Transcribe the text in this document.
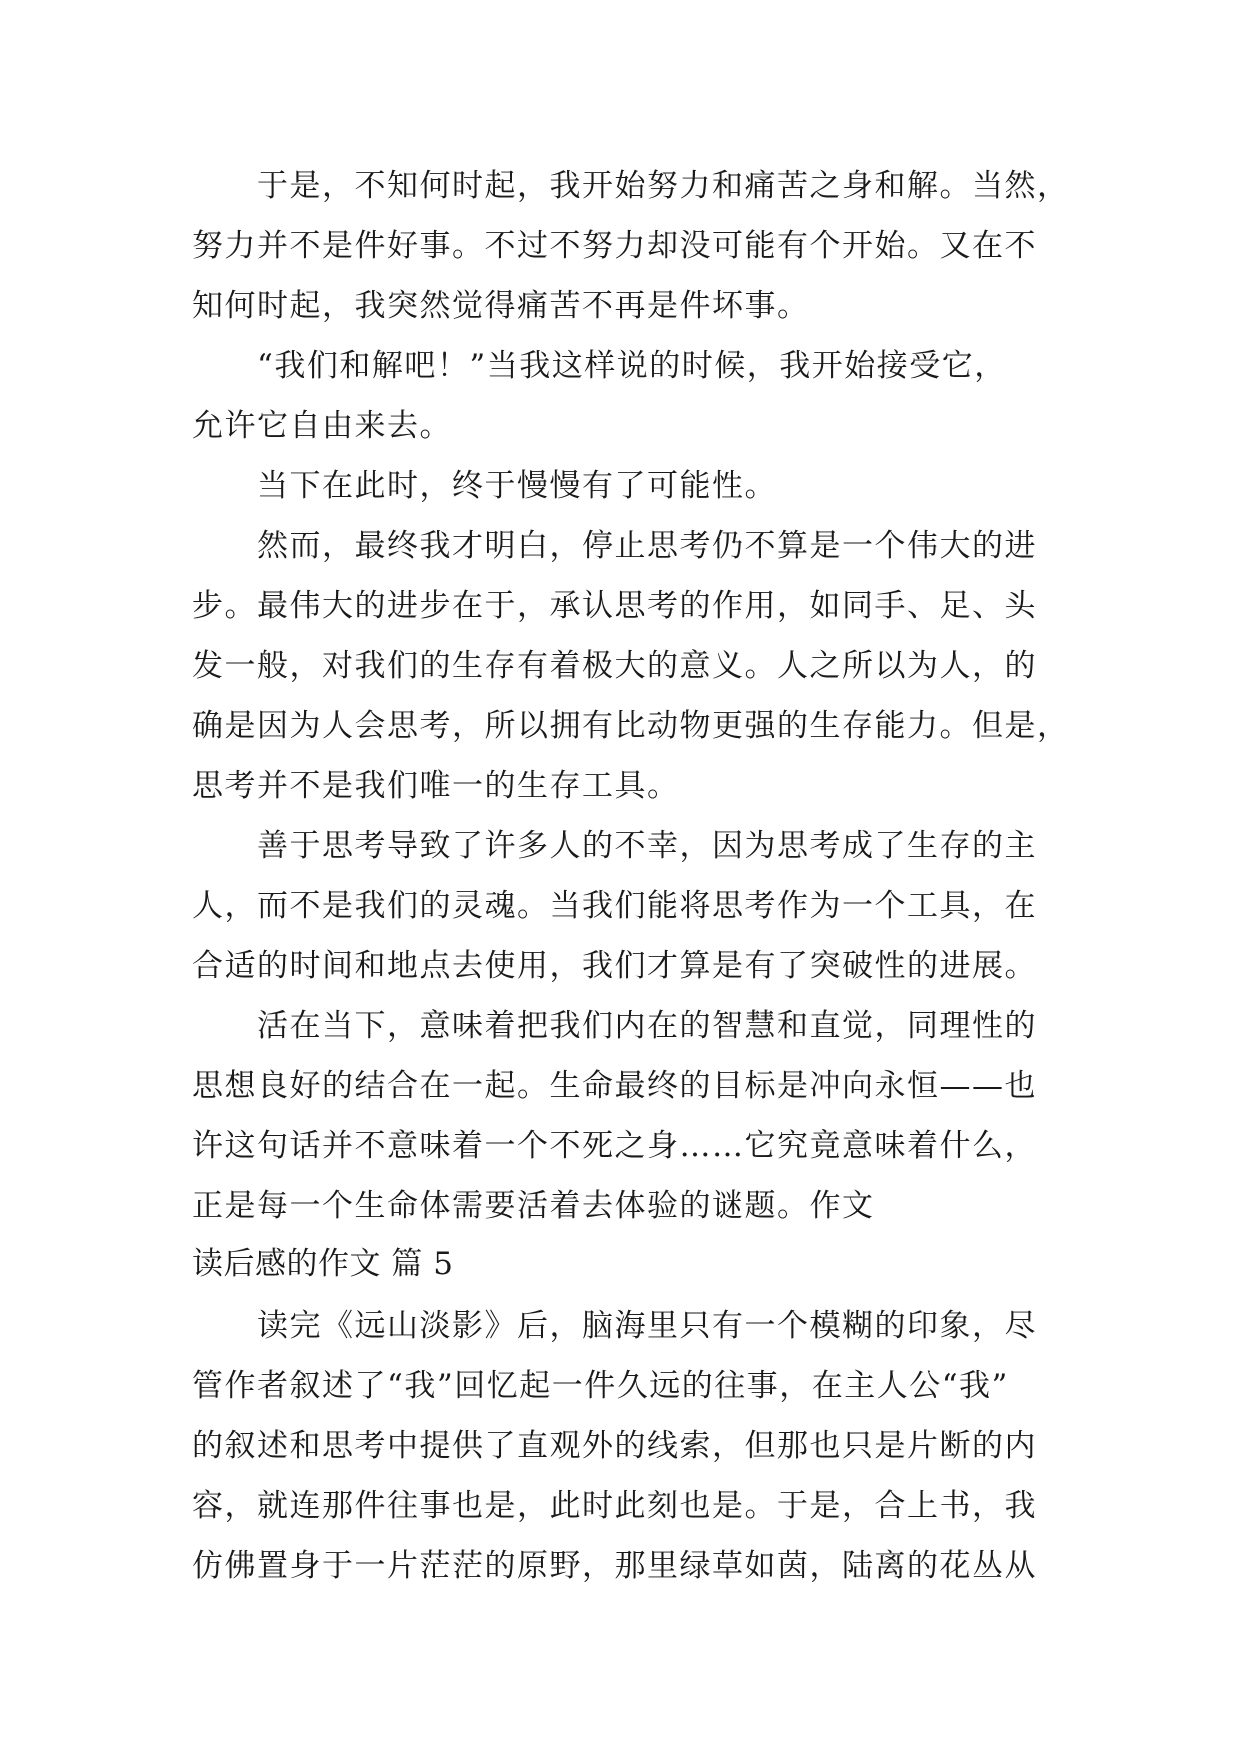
于是，不知何时起，我开始努力和痛苦之身和解。当然，
努力并不是件好事。不过不努力却没可能有个开始。又在不
知何时起，我突然觉得痛苦不再是件坏事。
“我们和解吧！”当我这样说的时候，我开始接受它，
允许它自由来去。
当下在此时，终于慢慢有了可能性。
然而，最终我才明白，停止思考仍不算是一个伟大的进
步。最伟大的进步在于，承认思考的作用，如同手、足、头
发一般，对我们的生存有着极大的意义。人之所以为人，的
确是因为人会思考，所以拥有比动物更强的生存能力。但是，
思考并不是我们唯一的生存工具。
善于思考导致了许多人的不幸，因为思考成了生存的主
人，而不是我们的灵魂。当我们能将思考作为一个工具，在
合适的时间和地点去使用，我们才算是有了突破性的进展。
活在当下，意味着把我们内在的智慧和直觉，同理性的
思想良好的结合在一起。生命最终的目标是冲向永恒——也
许这句话并不意味着一个不死之身……它究竟意味着什么，
正是每一个生命体需要活着去体验的谜题。作文
读后感的作文 篇 5
读完《远山淡影》后，脑海里只有一个模糊的印象，尽
管作者叙述了“我”回忆起一件久远的往事，在主人公“我”
的叙述和思考中提供了直观外的线索，但那也只是片断的内
容，就连那件往事也是，此时此刻也是。于是，合上书，我
仿佛置身于一片茫茫的原野，那里绿草如茵，陆离的花丛从
